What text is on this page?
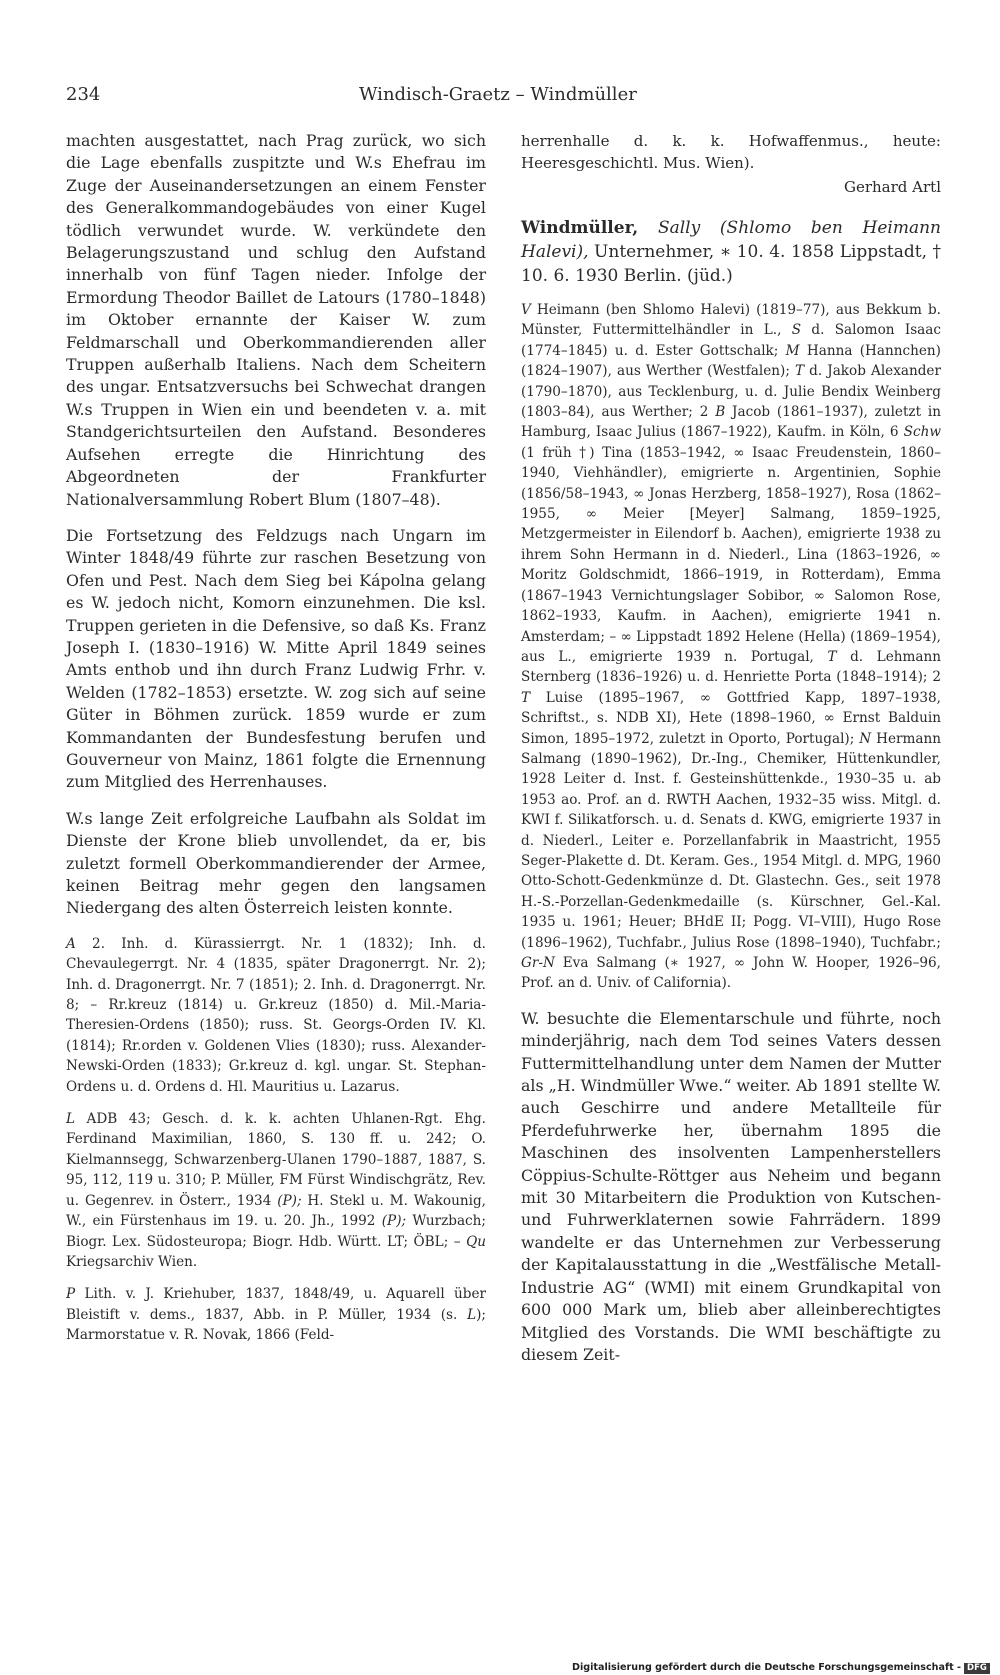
234	Windisch-Graetz – Windmüller

machten ausgestattet, nach Prag zurück, wo sich die Lage ebenfalls zuspitzte und W.s Ehefrau im Zuge der Auseinandersetzungen an einem Fenster des Generalkommandogebäudes von einer Kugel tödlich verwundet wurde. W. verkündete den Belagerungszustand und schlug den Aufstand innerhalb von fünf Tagen nieder. Infolge der Ermordung Theodor Baillet de Latours (1780–1848) im Oktober ernannte der Kaiser W. zum Feldmarschall und Oberkommandierenden aller Truppen außerhalb Italiens. Nach dem Scheitern des ungar. Entsatzversuchs bei Schwechat drangen W.s Truppen in Wien ein und beendeten v. a. mit Standgerichtsurteilen den Aufstand. Besonderes Aufsehen erregte die Hinrichtung des Abgeordneten der Frankfurter Nationalversammlung Robert Blum (1807–48).

Die Fortsetzung des Feldzugs nach Ungarn im Winter 1848/49 führte zur raschen Besetzung von Ofen und Pest. Nach dem Sieg bei Kápolna gelang es W. jedoch nicht, Komorn einzunehmen. Die ksl. Truppen gerieten in die Defensive, so daß Ks. Franz Joseph I. (1830–1916) W. Mitte April 1849 seines Amts enthob und ihn durch Franz Ludwig Frhr. v. Welden (1782–1853) ersetzte. W. zog sich auf seine Güter in Böhmen zurück. 1859 wurde er zum Kommandanten der Bundesfestung berufen und Gouverneur von Mainz, 1861 folgte die Ernennung zum Mitglied des Herrenhauses.

W.s lange Zeit erfolgreiche Laufbahn als Soldat im Dienste der Krone blieb unvollendet, da er, bis zuletzt formell Oberkommandierender der Armee, keinen Beitrag mehr gegen den langsamen Niedergang des alten Österreich leisten konnte.

A 2. Inh. d. Kürassierrgt. Nr. 1 (1832); Inh. d. Chevaulegerrgt. Nr. 4 (1835, später Dragonerrgt. Nr. 2); Inh. d. Dragonerrgt. Nr. 7 (1851); 2. Inh. d. Dragonerrgt. Nr. 8; – Rr.kreuz (1814) u. Gr.kreuz (1850) d. Mil.-Maria-Theresien-Ordens (1850); russ. St. Georgs-Orden IV. Kl. (1814); Rr.orden v. Goldenen Vlies (1830); russ. Alexander-Newski-Orden (1833); Gr.kreuz d. kgl. ungar. St. Stephan-Ordens u. d. Ordens d. Hl. Mauritius u. Lazarus.

L ADB 43; Gesch. d. k. k. achten Uhlanen-Rgt. Ehg. Ferdinand Maximilian, 1860, S. 130 ff. u. 242; O. Kielmannsegg, Schwarzenberg-Ulanen 1790–1887, 1887, S. 95, 112, 119 u. 310; P. Müller, FM Fürst Windischgrätz, Rev. u. Gegenrev. in Österr., 1934 (P); H. Stekl u. M. Wakounig, W., ein Fürstenhaus im 19. u. 20. Jh., 1992 (P); Wurzbach; Biogr. Lex. Südosteuropa; Biogr. Hdb. Württ. LT; ÖBL; – Qu Kriegsarchiv Wien.

P Lith. v. J. Kriehuber, 1837, 1848/49, u. Aquarell über Bleistift v. dems., 1837, Abb. in P. Müller, 1934 (s. L); Marmorstatue v. R. Novak, 1866 (Feld-

herrenhalle d. k. k. Hofwaffenmus., heute: Heeresgeschichtl. Mus. Wien).

Gerhard Artl

Windmüller, Sally (Shlomo ben Heimann Halevi), Unternehmer, ∗ 10. 4. 1858 Lippstadt, † 10. 6. 1930 Berlin. (jüd.)

V Heimann (ben Shlomo Halevi) (1819–77), aus Bekkum b. Münster, Futtermittelhändler in L., S d. Salomon Isaac (1774–1845) u. d. Ester Gottschalk; M Hanna (Hannchen) (1824–1907), aus Werther (Westfalen); T d. Jakob Alexander (1790–1870), aus Tecklenburg, u. d. Julie Bendix Weinberg (1803–84), aus Werther; 2 B Jacob (1861–1937), zuletzt in Hamburg, Isaac Julius (1867–1922), Kaufm. in Köln, 6 Schw (1 früh †) Tina (1853–1942, ∞ Isaac Freudenstein, 1860–1940, Viehhändler), emigrierte n. Argentinien, Sophie (1856/58–1943, ∞ Jonas Herzberg, 1858–1927), Rosa (1862–1955, ∞ Meier [Meyer] Salmang, 1859–1925, Metzgermeister in Eilendorf b. Aachen), emigrierte 1938 zu ihrem Sohn Hermann in d. Niederl., Lina (1863–1926, ∞ Moritz Goldschmidt, 1866–1919, in Rotterdam), Emma (1867–1943 Vernichtungslager Sobibor, ∞ Salomon Rose, 1862–1933, Kaufm. in Aachen), emigrierte 1941 n. Amsterdam; – ∞ Lippstadt 1892 Helene (Hella) (1869–1954), aus L., emigrierte 1939 n. Portugal, T d. Lehmann Sternberg (1836–1926) u. d. Henriette Porta (1848–1914); 2 T Luise (1895–1967, ∞ Gottfried Kapp, 1897–1938, Schriftst., s. NDB XI), Hete (1898–1960, ∞ Ernst Balduin Simon, 1895–1972, zuletzt in Oporto, Portugal); N Hermann Salmang (1890–1962), Dr.-Ing., Chemiker, Hüttenkundler, 1928 Leiter d. Inst. f. Gesteinshüttenkde., 1930–35 u. ab 1953 ao. Prof. an d. RWTH Aachen, 1932–35 wiss. Mitgl. d. KWI f. Silikatforsch. u. d. Senats d. KWG, emigrierte 1937 in d. Niederl., Leiter e. Porzellanfabrik in Maastricht, 1955 Seger-Plakette d. Dt. Keram. Ges., 1954 Mitgl. d. MPG, 1960 Otto-Schott-Gedenkmünze d. Dt. Glastechn. Ges., seit 1978 H.-S.-Porzellan-Gedenkmedaille (s. Kürschner, Gel.-Kal. 1935 u. 1961; Heuer; BHdE II; Pogg. VI–VIII), Hugo Rose (1896–1962), Tuchfabr., Julius Rose (1898–1940), Tuchfabr.; Gr-N Eva Salmang (∗ 1927, ∞ John W. Hooper, 1926–96, Prof. an d. Univ. of California).

W. besuchte die Elementarschule und führte, noch minderjährig, nach dem Tod seines Vaters dessen Futtermittelhandlung unter dem Namen der Mutter als „H. Windmüller Wwe.“ weiter. Ab 1891 stellte W. auch Geschirre und andere Metallteile für Pferdefuhrwerke her, übernahm 1895 die Maschinen des insolventen Lampenherstellers Cöppius-Schulte-Röttger aus Neheim und begann mit 30 Mitarbeitern die Produktion von Kutschen- und Fuhrwerklaternen sowie Fahrrädern. 1899 wandelte er das Unternehmen zur Verbesserung der Kapitalausstattung in die „Westfälische Metall-Industrie AG“ (WMI) mit einem Grundkapital von 600 000 Mark um, blieb aber alleinberechtigtes Mitglied des Vorstands. Die WMI beschäftigte zu diesem Zeit-

Digitalisierung gefördert durch die Deutsche Forschungsgemeinschaft - DFG
